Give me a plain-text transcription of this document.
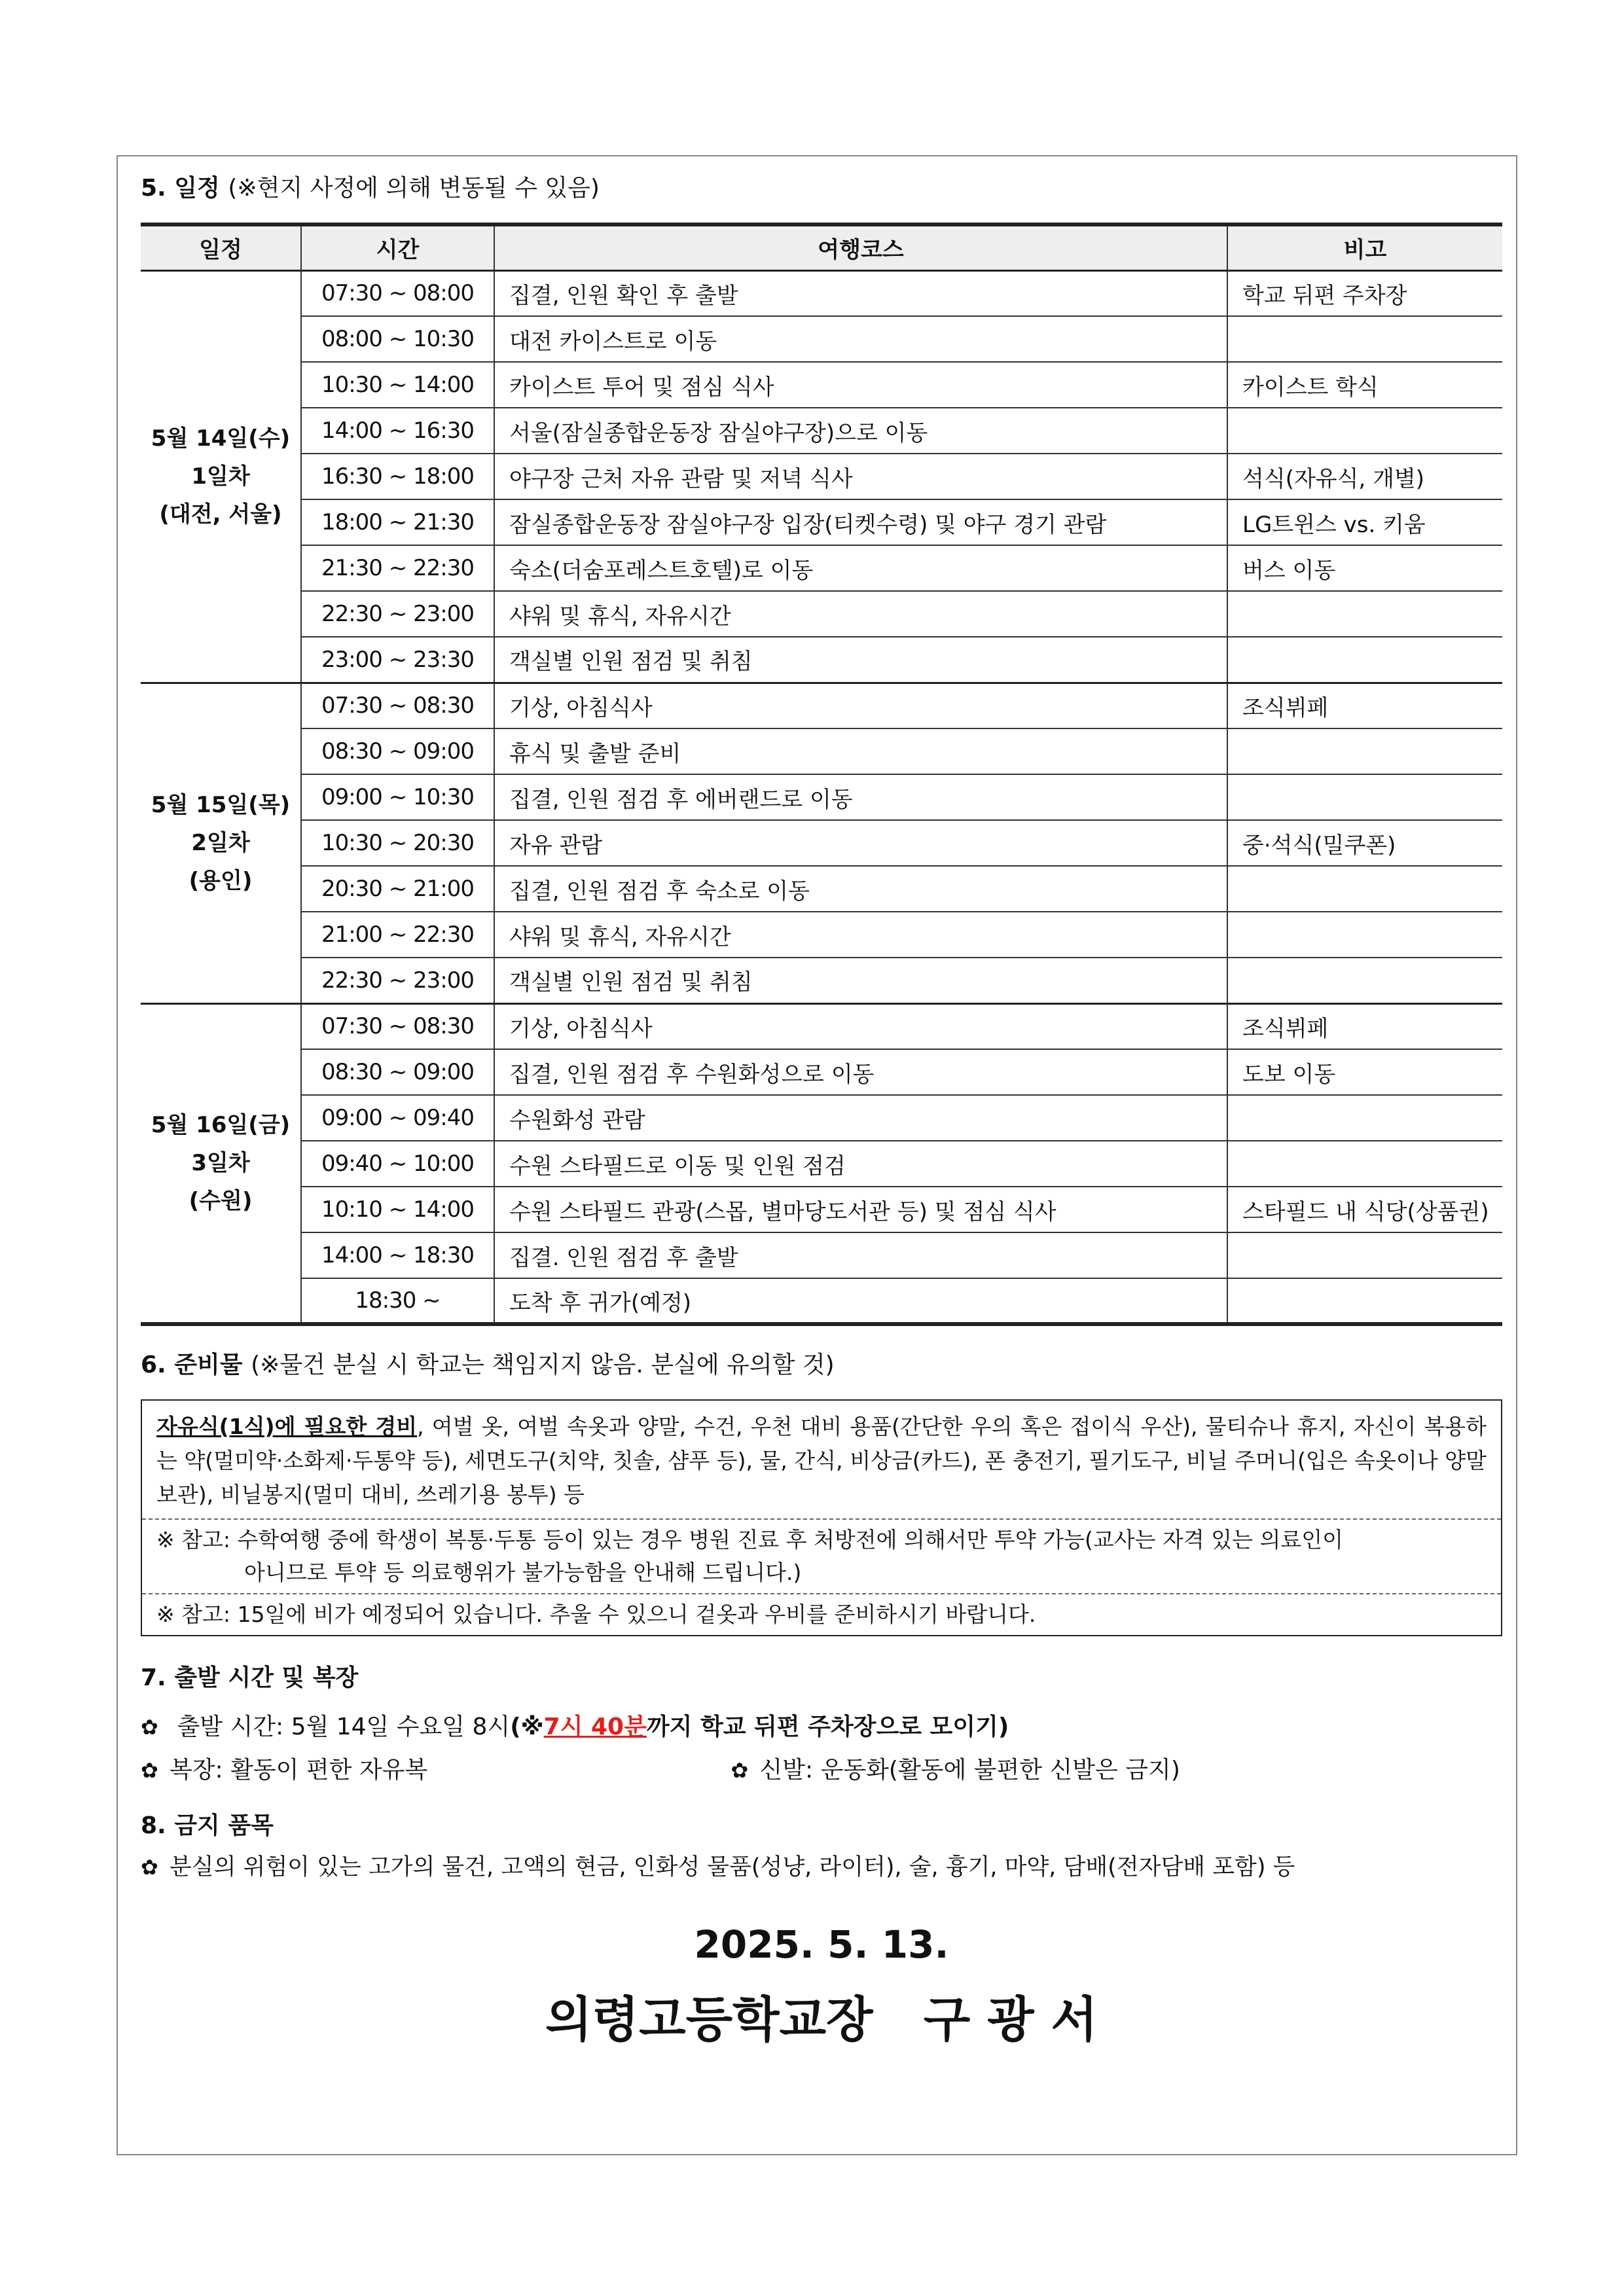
5. 일정 (※현지 사정에 의해 변동될 수 있음)
일정	시간	여행코스	비고

5월 14일(수)
1일차
(대전, 서울)	07:30 ~ 08:00	집결, 인원 확인 후 출발	학교 뒤편 주차장
	08:00 ~ 10:30	대전 카이스트로 이동	
	10:30 ~ 14:00	카이스트 투어 및 점심 식사	카이스트 학식
	14:00 ~ 16:30	서울(잠실종합운동장 잠실야구장)으로 이동	
	16:30 ~ 18:00	야구장 근처 자유 관람 및 저녁 식사	석식(자유식, 개별)
	18:00 ~ 21:30	잠실종합운동장 잠실야구장 입장(티켓수령) 및 야구 경기 관람	LG트윈스 vs. 키움
	21:30 ~ 22:30	숙소(더숨포레스트호텔)로 이동	버스 이동
	22:30 ~ 23:00	샤워 및 휴식, 자유시간	
	23:00 ~ 23:30	객실별 인원 점검 및 취침	

5월 15일(목)
2일차
(용인)	07:30 ~ 08:30	기상, 아침식사	조식뷔페
	08:30 ~ 09:00	휴식 및 출발 준비	
	09:00 ~ 10:30	집결, 인원 점검 후 에버랜드로 이동	
	10:30 ~ 20:30	자유 관람	중·석식(밀쿠폰)
	20:30 ~ 21:00	집결, 인원 점검 후 숙소로 이동	
	21:00 ~ 22:30	샤워 및 휴식, 자유시간	
	22:30 ~ 23:00	객실별 인원 점검 및 취침	

5월 16일(금)
3일차
(수원)	07:30 ~ 08:30	기상, 아침식사	조식뷔페
	08:30 ~ 09:00	집결, 인원 점검 후 수원화성으로 이동	도보 이동
	09:00 ~ 09:40	수원화성 관람	
	09:40 ~ 10:00	수원 스타필드로 이동 및 인원 점검	
	10:10 ~ 14:00	수원 스타필드 관광(스몹, 별마당도서관 등) 및 점심 식사	스타필드 내 식당(상품권)
	14:00 ~ 18:30	집결. 인원 점검 후 출발	
	18:30 ~	도착 후 귀가(예정)	
6. 준비물 (※물건 분실 시 학교는 책임지지 않음. 분실에 유의할 것)
자유식(1식)에 필요한 경비, 여벌 옷, 여벌 속옷과 양말, 수건, 우천 대비 용품(간단한 우의 혹은 접이식 우산), 물티슈나 휴지, 자신이 복용하는 약(멀미약·소화제·두통약 등), 세면도구(치약, 칫솔, 샴푸 등), 물, 간식, 비상금(카드), 폰 충전기, 필기도구, 비닐 주머니(입은 속옷이나 양말 보관), 비닐봉지(멀미 대비, 쓰레기용 봉투) 등
※ 참고: 수학여행 중에 학생이 복통·두통 등이 있는 경우 병원 진료 후 처방전에 의해서만 투약 가능(교사는 자격 있는 의료인이
아니므로 투약 등 의료행위가 불가능함을 안내해 드립니다.)
※ 참고: 15일에 비가 예정되어 있습니다. 추울 수 있으니 겉옷과 우비를 준비하시기 바랍니다.
7. 출발 시간 및 복장
✿ 출발 시간: 5월 14일 수요일 8시(※7시 40분까지 학교 뒤편 주차장으로 모이기)
✿ 복장: 활동이 편한 자유복	✿ 신발: 운동화(활동에 불편한 신발은 금지)
8. 금지 품목
✿ 분실의 위험이 있는 고가의 물건, 고액의 현금, 인화성 물품(성냥, 라이터), 술, 흉기, 마약, 담배(전자담배 포함) 등
2025. 5. 13.
의령고등학교장   구 광 서
